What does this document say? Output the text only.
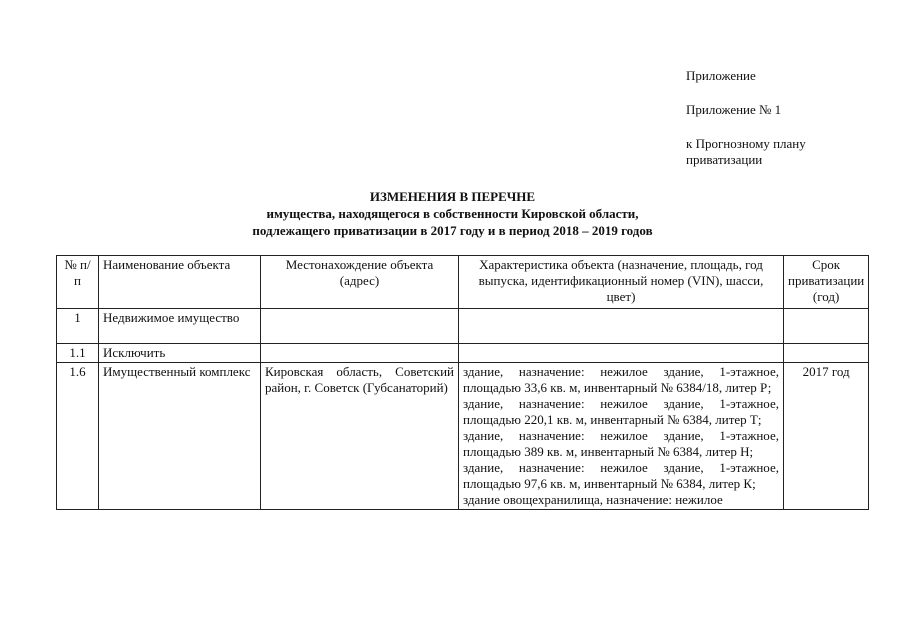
Приложение
Приложение № 1
к Прогнозному плану
приватизации
ИЗМЕНЕНИЯ В ПЕРЕЧНЕ
имущества, находящегося в собственности Кировской области,
подлежащего приватизации в 2017 году и в период 2018 – 2019 годов
№ п/п	Наименование объекта	Местонахождение объекта (адрес)	Характеристика объекта (назначение, площадь, год выпуска, идентификационный номер (VIN), шасси, цвет)	Срок приватизации (год)
1	Недвижимое имущество			
1.1	Исключить			
1.6	Имущественный комплекс	Кировская область, Советский район, г. Советск (Губсанаторий)	здание, назначение: нежилое здание, 1-этажное, площадью 33,6 кв. м, инвентарный № 6384/18, литер Р;

здание, назначение: нежилое здание, 1-этажное, площадью 220,1 кв. м, инвентарный № 6384, литер Т;

здание, назначение: нежилое здание, 1-этажное, площадью 389 кв. м, инвентарный № 6384, литер Н;

здание, назначение: нежилое здание, 1-этажное, площадью 97,6 кв. м, инвентарный № 6384, литер К;

здание овощехранилища, назначение: нежилое	2017 год
